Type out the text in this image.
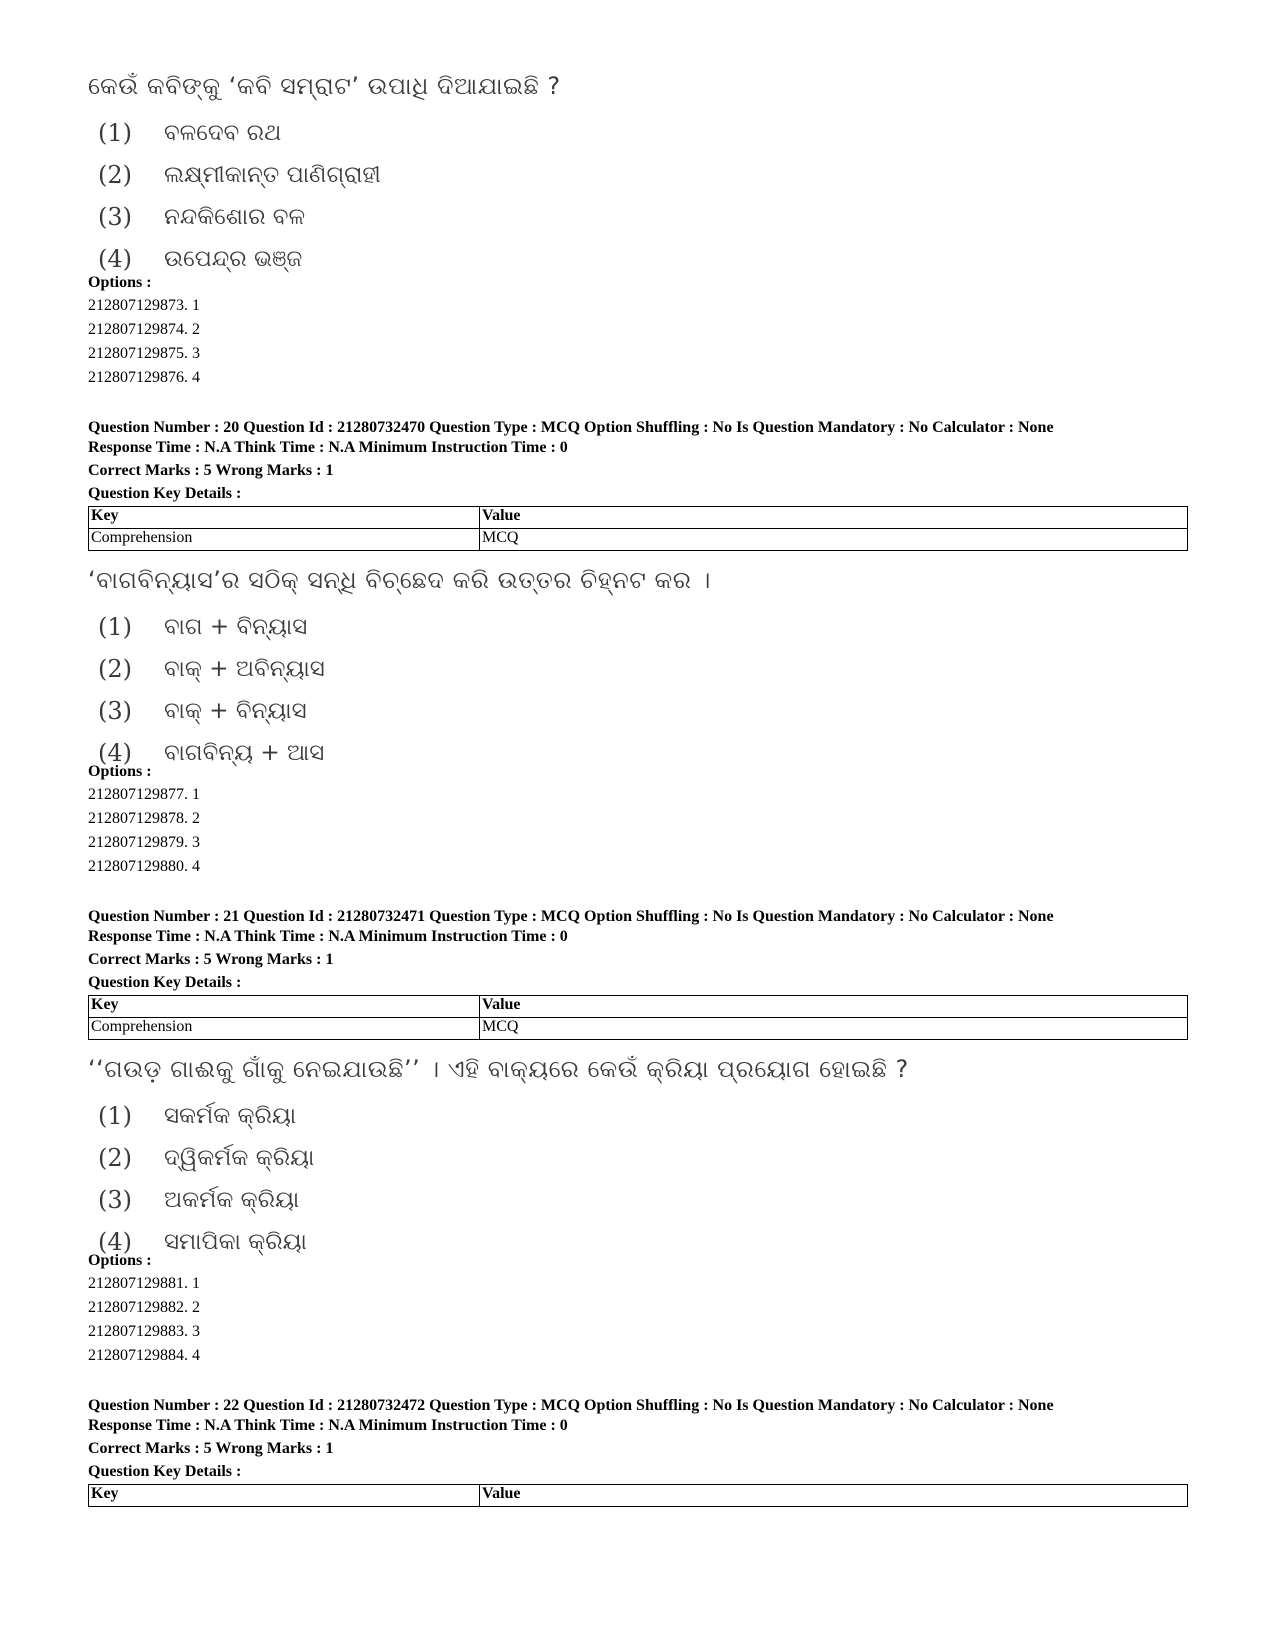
କେଉଁ କବିଙ୍କୁ ‘କବି ସମ୍ରାଟ’ ଉପାଧି ଦିଆଯାଇଛି ?

(1)	ବଳଦେବ ରଥ
(2)	ଲକ୍ଷ୍ମୀକାନ୍ତ ପାଣିଗ୍ରାହୀ
(3)	ନନ୍ଦକିଶୋର ବଳ
(4)	ଉପେନ୍ଦ୍ର ଭଞ୍ଜ

Options :

212807129873. 1

212807129874. 2

212807129875. 3

212807129876. 4

Question Number : 20 Question Id : 21280732470 Question Type : MCQ Option Shuffling : No Is Question Mandatory : No Calculator : None

Response Time : N.A Think Time : N.A Minimum Instruction Time : 0

Correct Marks : 5 Wrong Marks : 1

Question Key Details :

Key	Value
Comprehension	MCQ

‘ବାଗବିନ୍ୟାସ’ର ସଠିକ୍ ସନ୍ଧି ବିଚ୍ଛେଦ କରି ଉତ୍ତର ଚିହ୍ନଟ କର ।

(1)	ବାଗ + ବିନ୍ୟାସ
(2)	ବାକ୍ + ଅବିନ୍ୟାସ
(3)	ବାକ୍ + ବିନ୍ୟାସ
(4)	ବାଗବିନ୍ୟ + ଆସ

Options :

212807129877. 1

212807129878. 2

212807129879. 3

212807129880. 4

Question Number : 21 Question Id : 21280732471 Question Type : MCQ Option Shuffling : No Is Question Mandatory : No Calculator : None

Response Time : N.A Think Time : N.A Minimum Instruction Time : 0

Correct Marks : 5 Wrong Marks : 1

Question Key Details :

Key	Value
Comprehension	MCQ

‘‘ଗଉଡ଼ ଗାଈକୁ ଗାଁକୁ ନେଇଯାଉଛି’’ । ଏହି ବାକ୍ୟରେ କେଉଁ କ୍ରିୟା ପ୍ରୟୋଗ ହୋଇଛି ?

(1)	ସକର୍ମକ କ୍ରିୟା
(2)	ଦ୍ୱିକର୍ମକ କ୍ରିୟା
(3)	ଅକର୍ମକ କ୍ରିୟା
(4)	ସମାପିକା କ୍ରିୟା

Options :

212807129881. 1

212807129882. 2

212807129883. 3

212807129884. 4

Question Number : 22 Question Id : 21280732472 Question Type : MCQ Option Shuffling : No Is Question Mandatory : No Calculator : None

Response Time : N.A Think Time : N.A Minimum Instruction Time : 0

Correct Marks : 5 Wrong Marks : 1

Question Key Details :

Key	Value
